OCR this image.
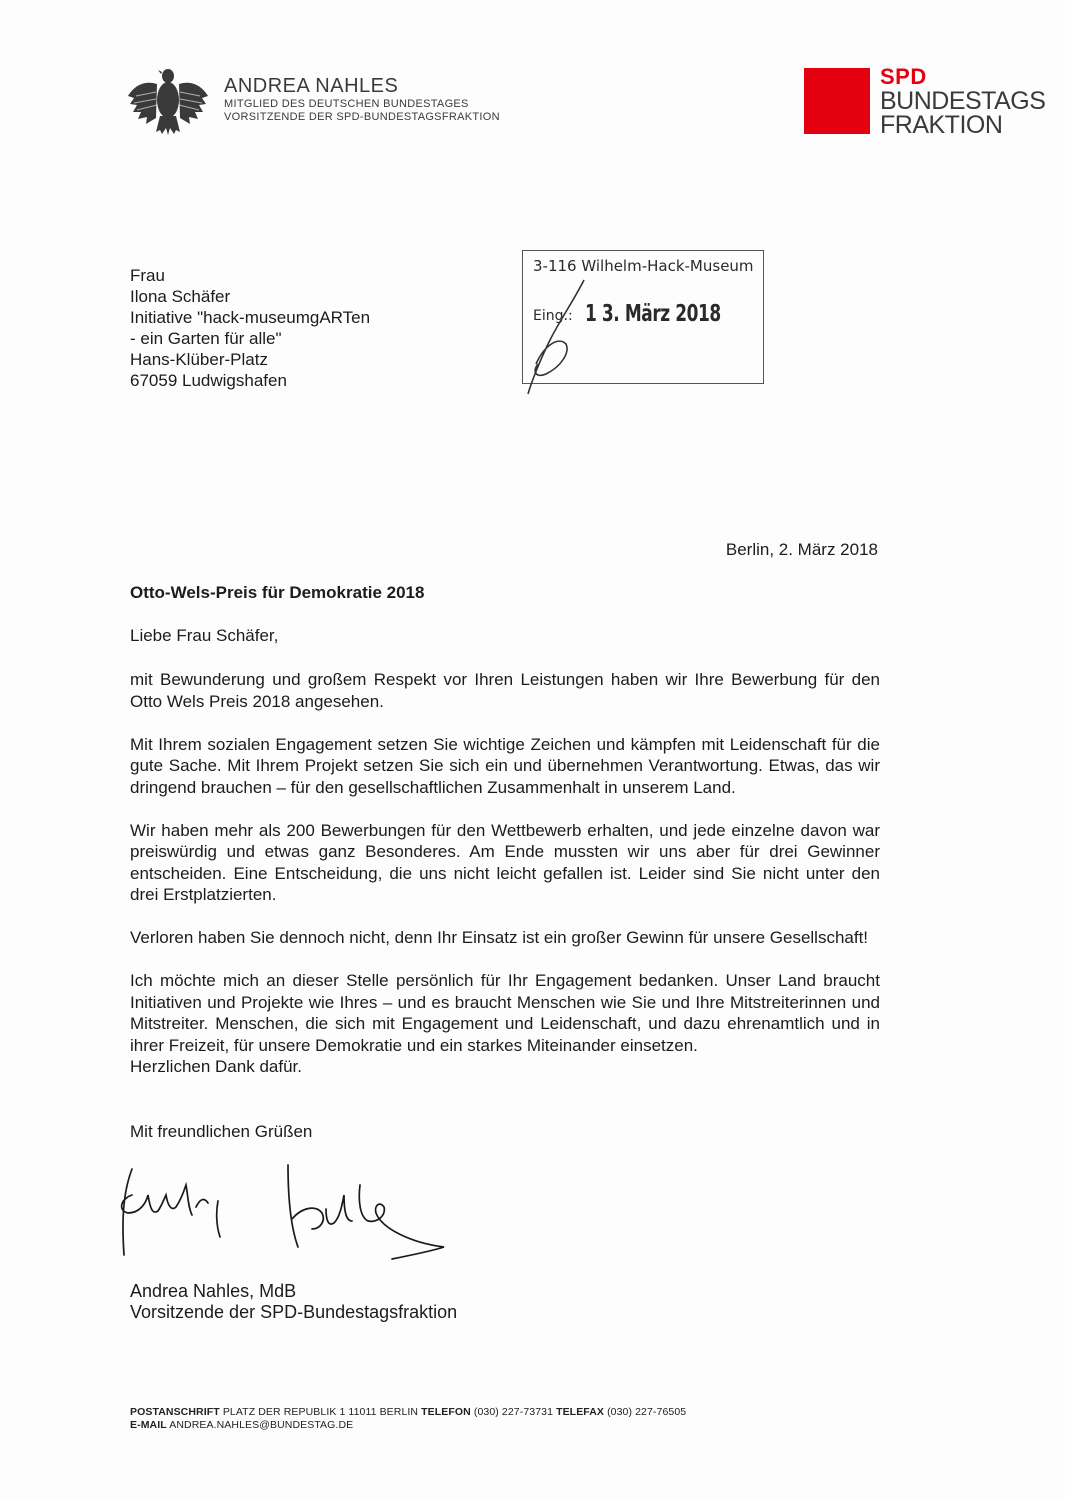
ANDREA NAHLES
MITGLIED DES DEUTSCHEN BUNDESTAGES
VORSITZENDE DER SPD-BUNDESTAGSFRAKTION
SPD
BUNDESTAGS
FRAKTION
Frau
Ilona Schäfer
Initiative "hack-museumgARTen
- ein Garten für alle"
Hans-Klüber-Platz
67059 Ludwigshafen
3-116 Wilhelm-Hack-Museum
Eing.: 1 3. März 2018
Berlin, 2. März 2018
Otto-Wels-Preis für Demokratie 2018
Liebe Frau Schäfer,

mit Bewunderung und großem Respekt vor Ihren Leistungen haben wir Ihre Bewerbung für den Otto Wels Preis 2018 angesehen.

Mit Ihrem sozialen Engagement setzen Sie wichtige Zeichen und kämpfen mit Leidenschaft für die gute Sache. Mit Ihrem Projekt setzen Sie sich ein und übernehmen Verantwortung. Etwas, das wir dringend brauchen – für den gesellschaftlichen Zusammenhalt in unserem Land.

Wir haben mehr als 200 Bewerbungen für den Wettbewerb erhalten, und jede einzelne davon war preiswürdig und etwas ganz Besonderes. Am Ende mussten wir uns aber für drei Gewinner entscheiden. Eine Entscheidung, die uns nicht leicht gefallen ist. Leider sind Sie nicht unter den drei Erstplatzierten.

Verloren haben Sie dennoch nicht, denn Ihr Einsatz ist ein großer Gewinn für unsere Gesellschaft!

Ich möchte mich an dieser Stelle persönlich für Ihr Engagement bedanken. Unser Land braucht Initiativen und Projekte wie Ihres – und es braucht Menschen wie Sie und Ihre Mitstreiterinnen und Mitstreiter. Menschen, die sich mit Engagement und Leidenschaft, und dazu ehrenamtlich und in ihrer Freizeit, für unsere Demokratie und ein starkes Miteinander einsetzen.

Herzlichen Dank dafür.
Mit freundlichen Grüßen
Andrea Nahles, MdB
Vorsitzende der SPD-Bundestagsfraktion
POSTANSCHRIFT PLATZ DER REPUBLIK 1 11011 BERLIN TELEFON (030) 227-73731 TELEFAX (030) 227-76505
E-MAIL ANDREA.NAHLES@BUNDESTAG.DE
